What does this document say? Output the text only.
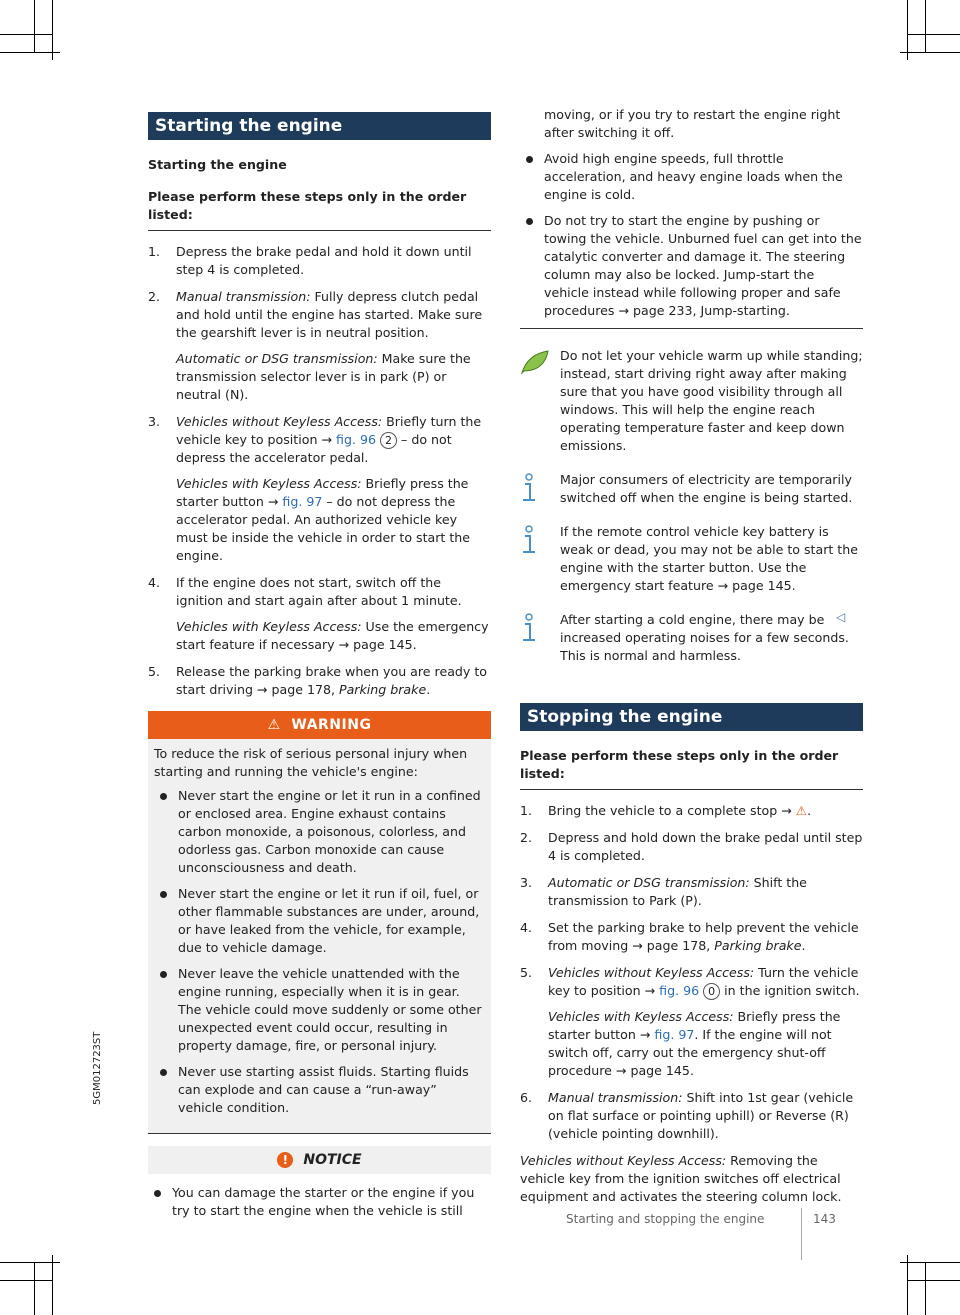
5GM012723ST
Starting the engine
Starting the engine
Please perform these steps only in the order listed:
1. Depress the brake pedal and hold it down until step 4 is completed.
2. Manual transmission: Fully depress clutch pedal and hold until the engine has started. Make sure the gearshift lever is in neutral position.
Automatic or DSG transmission: Make sure the transmission selector lever is in park (P) or neutral (N).
3. Vehicles without Keyless Access: Briefly turn the vehicle key to position → fig. 96 2 – do not depress the accelerator pedal.
Vehicles with Keyless Access: Briefly press the starter button → fig. 97 – do not depress the accelerator pedal. An authorized vehicle key must be inside the vehicle in order to start the engine.
4. If the engine does not start, switch off the ignition and start again after about 1 minute.
Vehicles with Keyless Access: Use the emergency start feature if necessary → page 145.
5. Release the parking brake when you are ready to start driving → page 178, Parking brake.
⚠ WARNING
To reduce the risk of serious personal injury when starting and running the vehicle's engine:
Never start the engine or let it run in a confined or enclosed area. Engine exhaust contains carbon monoxide, a poisonous, colorless, and odorless gas. Carbon monoxide can cause unconsciousness and death.
Never start the engine or let it run if oil, fuel, or other flammable substances are under, around, or have leaked from the vehicle, for example, due to vehicle damage.
Never leave the vehicle unattended with the engine running, especially when it is in gear. The vehicle could move suddenly or some other unexpected event could occur, resulting in property damage, fire, or personal injury.
Never use starting assist fluids. Starting fluids can explode and can cause a “run-away” vehicle condition.
! NOTICE
You can damage the starter or the engine if you try to start the engine when the vehicle is still
moving, or if you try to restart the engine right after switching it off.
Avoid high engine speeds, full throttle acceleration, and heavy engine loads when the engine is cold.
Do not try to start the engine by pushing or towing the vehicle. Unburned fuel can get into the catalytic converter and damage it. The steering column may also be locked. Jump-start the vehicle instead while following proper and safe procedures → page 233, Jump-starting.
Do not let your vehicle warm up while standing; instead, start driving right away after making sure that you have good visibility through all windows. This will help the engine reach operating temperature faster and keep down emissions.
Major consumers of electricity are temporarily switched off when the engine is being started.
If the remote control vehicle key battery is weak or dead, you may not be able to start the engine with the starter button. Use the emergency start feature → page 145.
After starting a cold engine, there may be increased operating noises for a few seconds. This is normal and harmless.
Stopping the engine
Please perform these steps only in the order listed:
1. Bring the vehicle to a complete stop → ⚠.
2. Depress and hold down the brake pedal until step 4 is completed.
3. Automatic or DSG transmission: Shift the transmission to Park (P).
4. Set the parking brake to help prevent the vehicle from moving → page 178, Parking brake.
5. Vehicles without Keyless Access: Turn the vehicle key to position → fig. 96 0 in the ignition switch.
Vehicles with Keyless Access: Briefly press the starter button → fig. 97. If the engine will not switch off, carry out the emergency shut-off procedure → page 145.
6. Manual transmission: Shift into 1st gear (vehicle on flat surface or pointing uphill) or Reverse (R) (vehicle pointing downhill).
Vehicles without Keyless Access: Removing the vehicle key from the ignition switches off electrical equipment and activates the steering column lock.
◁
Starting and stopping the engine	143
